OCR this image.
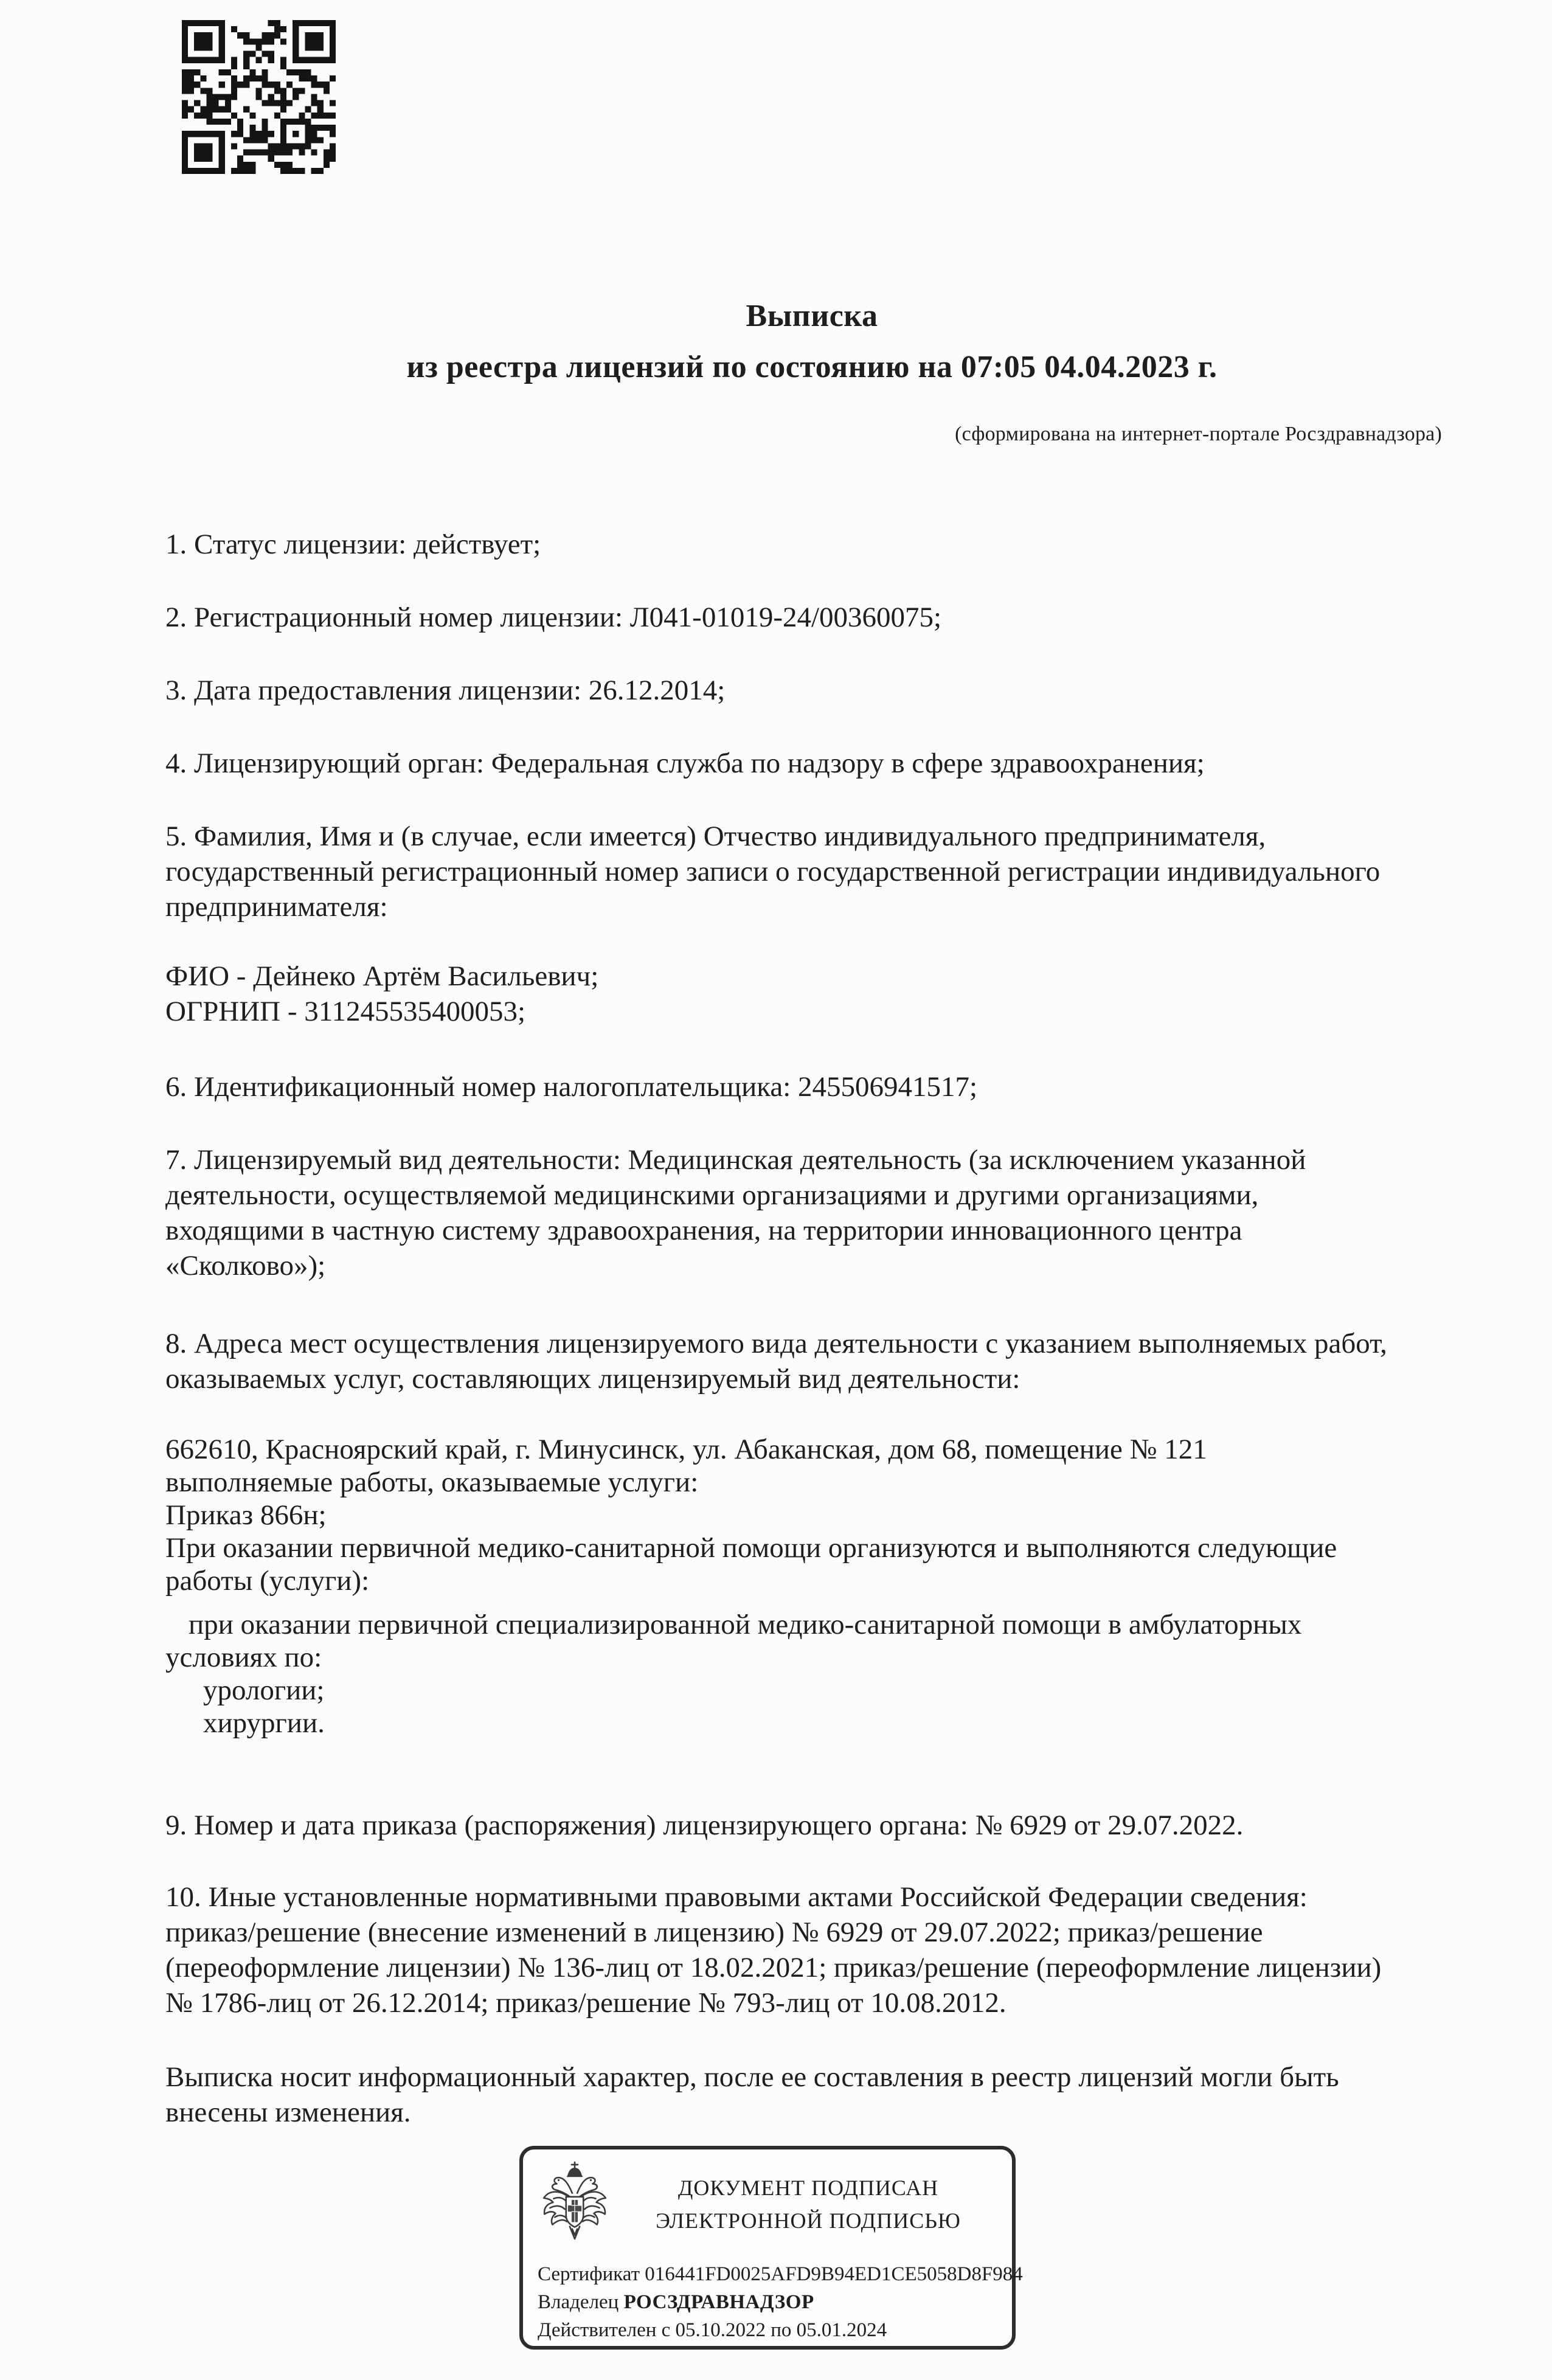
Выписка
из реестра лицензий по состоянию на 07:05 04.04.2023 г.
(сформирована на интернет-портале Росздравнадзора)

1. Статус лицензии: действует;

2. Регистрационный номер лицензии: Л041-01019-24/00360075;

3. Дата предоставления лицензии: 26.12.2014;

4. Лицензирующий орган: Федеральная служба по надзору в сфере здравоохранения;

5. Фамилия, Имя и (в случае, если имеется) Отчество индивидуального предпринимателя, государственный регистрационный номер записи о государственной регистрации индивидуального предпринимателя:

ФИО - Дейнеко Артём Васильевич;
ОГРНИП - 311245535400053;

6. Идентификационный номер налогоплательщика: 245506941517;

7. Лицензируемый вид деятельности: Медицинская деятельность (за исключением указанной деятельности, осуществляемой медицинскими организациями и другими организациями, входящими в частную систему здравоохранения, на территории инновационного центра «Сколково»);

8. Адреса мест осуществления лицензируемого вида деятельности с указанием выполняемых работ, оказываемых услуг, составляющих лицензируемый вид деятельности:

662610, Красноярский край, г. Минусинск, ул. Абаканская, дом 68, помещение № 121
выполняемые работы, оказываемые услуги:
Приказ 866н;
При оказании первичной медико-санитарной помощи организуются и выполняются следующие работы (услуги):
при оказании первичной специализированной медико-санитарной помощи в амбулаторных условиях по:
урологии;
хирургии.

9. Номер и дата приказа (распоряжения) лицензирующего органа: № 6929 от 29.07.2022.

10. Иные установленные нормативными правовыми актами Российской Федерации сведения: приказ/решение (внесение изменений в лицензию) № 6929 от 29.07.2022; приказ/решение (переоформление лицензии) № 136-лиц от 18.02.2021; приказ/решение (переоформление лицензии) № 1786-лиц от 26.12.2014; приказ/решение № 793-лиц от 10.08.2012.

Выписка носит информационный характер, после ее составления в реестр лицензий могли быть внесены изменения.

ДОКУМЕНТ ПОДПИСАН
ЭЛЕКТРОННОЙ ПОДПИСЬЮ
Сертификат 016441FD0025AFD9B94ED1CE5058D8F984
Владелец РОСЗДРАВНАДЗОР
Действителен с 05.10.2022 по 05.01.2024
